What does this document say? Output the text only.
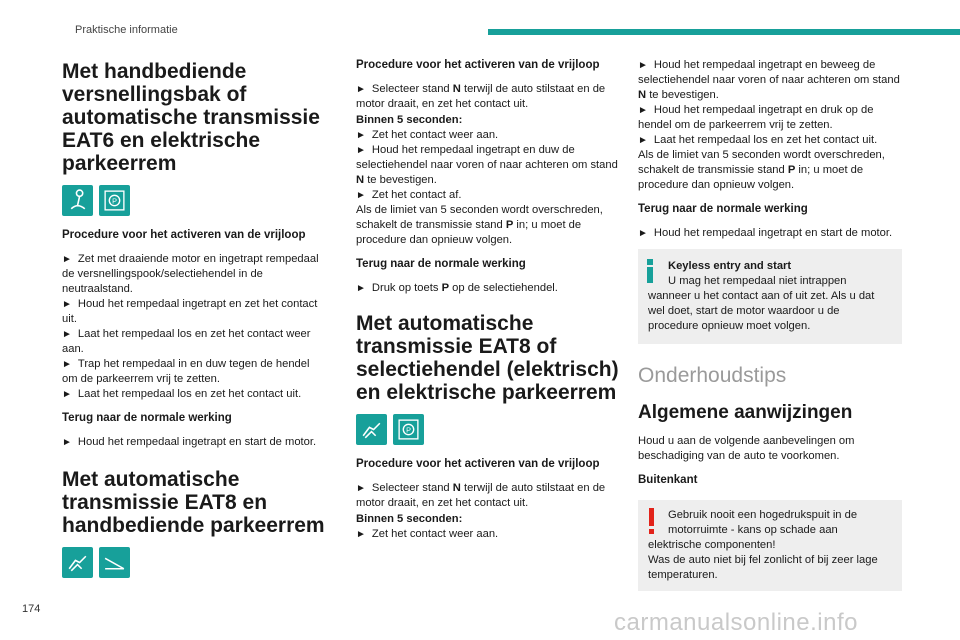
Praktische informatie
Met handbediende versnellingsbak of automatische transmissie EAT6 en elektrische parkeerrem
P
Procedure voor het activeren van de vrijloop

► Zet met draaiende motor en ingetrapt rempedaal de versnellingspook/selectiehendel in de neutraalstand.

► Houd het rempedaal ingetrapt en zet het contact uit.

► Laat het rempedaal los en zet het contact weer aan.

► Trap het rempedaal in en duw tegen de hendel om de parkeerrem vrij te zetten.

► Laat het rempedaal los en zet het contact uit.

Terug naar de normale werking

► Houd het rempedaal ingetrapt en start de motor.

Met automatische transmissie EAT8 en handbediende parkeerrem
Procedure voor het activeren van de vrijloop

► Selecteer stand N terwijl de auto stilstaat en de motor draait, en zet het contact uit.

Binnen 5 seconden:

► Zet het contact weer aan.

► Houd het rempedaal ingetrapt en duw de selectiehendel naar voren of naar achteren om stand N te bevestigen.

► Zet het contact af.

Als de limiet van 5 seconden wordt overschreden, schakelt de transmissie stand P in; u moet de procedure dan opnieuw volgen.

Terug naar de normale werking

► Druk op toets P op de selectiehendel.

Met automatische transmissie EAT8 of selectiehendel (elektrisch) en elektrische parkeerrem
P
Procedure voor het activeren van de vrijloop

► Selecteer stand N terwijl de auto stilstaat en de motor draait, en zet het contact uit.

Binnen 5 seconden:

► Zet het contact weer aan.

► Houd het rempedaal ingetrapt en beweeg de selectiehendel naar voren of naar achteren om stand N te bevestigen.

► Houd het rempedaal ingetrapt en druk op de hendel om de parkeerrem vrij te zetten.

► Laat het rempedaal los en zet het contact uit.

Als de limiet van 5 seconden wordt overschreden, schakelt de transmissie stand P in; u moet de procedure dan opnieuw volgen.

Terug naar de normale werking

► Houd het rempedaal ingetrapt en start de motor.

Keyless entry and start
U mag het rempedaal niet intrappen
wanneer u het contact aan of uit zet. Als u dat wel doet, start de motor waardoor u de procedure opnieuw moet volgen.
Onderhoudstips
Algemene aanwijzingen

Houd u aan de volgende aanbevelingen om beschadiging van de auto te voorkomen.

Buitenkant

Gebruik nooit een hogedrukspuit in de

motorruimte - kans op schade aan

elektrische componenten!

Was de auto niet bij fel zonlicht of bij zeer lage temperaturen.

174	carmanualsonline.info
